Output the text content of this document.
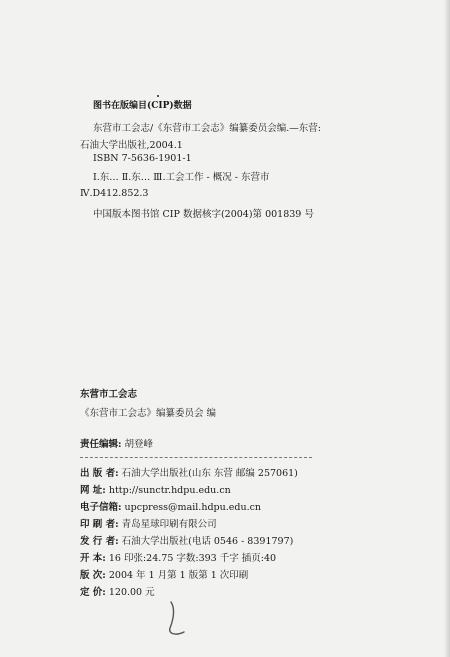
图书在版编目(CIP)数据
东营市工会志/《东营市工会志》编纂委员会编.—东营:
石油大学出版社,2004.1
ISBN 7-5636-1901-1
Ⅰ.东… Ⅱ.东… Ⅲ.工会工作 - 概况 - 东营市
Ⅳ.D412.852.3
中国版本图书馆 CIP 数据核字(2004)第 001839 号
东营市工会志
《东营市工会志》编纂委员会 编
责任编辑: 胡登峰
出 版 者: 石油大学出版社(山东 东营 邮编 257061)
网 址: http://sunctr.hdpu.edu.cn
电子信箱: upcpress@mail.hdpu.edu.cn
印 刷 者: 青岛星球印刷有限公司
发 行 者: 石油大学出版社(电话 0546 - 8391797)
开 本: 16 印张:24.75 字数:393 千字 插页:40
版 次: 2004 年 1 月第 1 版第 1 次印刷
定 价: 120.00 元
